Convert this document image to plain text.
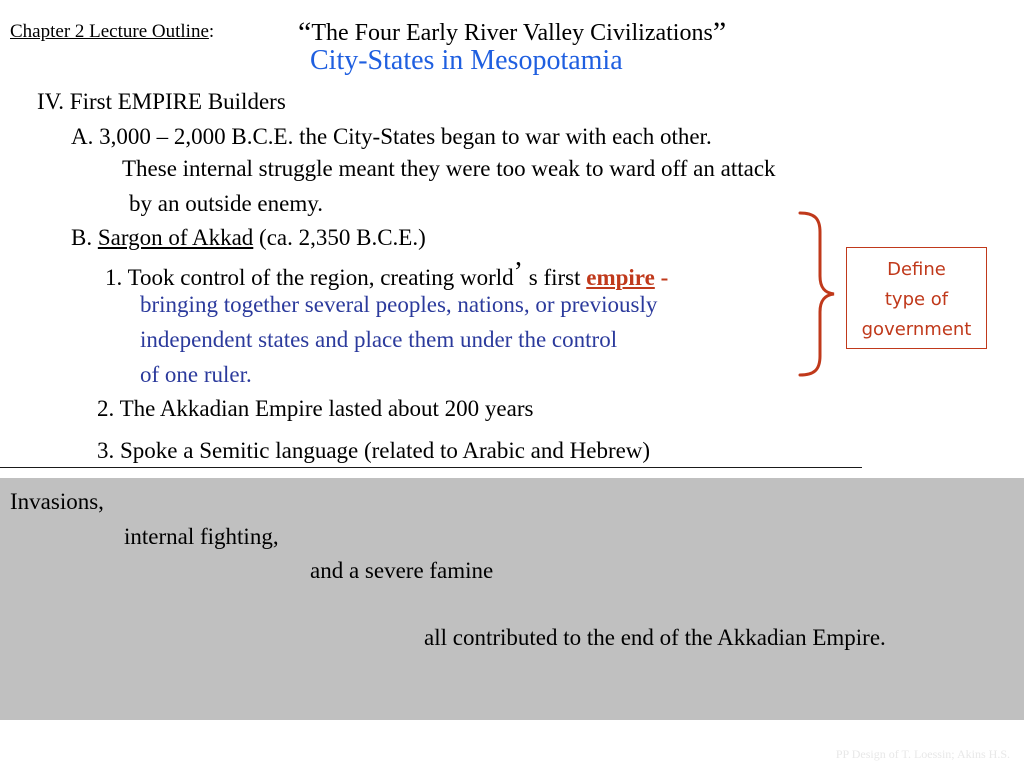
Chapter 2 Lecture Outline:	“The Four Early River Valley Civilizations”
City-States in Mesopotamia
IV. First EMPIRE Builders
A. 3,000 – 2,000 B.C.E. the City-States began to war with each other.
These internal struggle meant they were too weak to ward off an attack
by an outside enemy.
B. Sargon of Akkad (ca. 2,350 B.C.E.)
1. Took control of the region, creating world’ s first empire -
bringing together several peoples, nations, or previously
independent states and place them under the control
of one ruler.
2. The Akkadian Empire lasted about 200 years
3. Spoke a Semitic language (related to Arabic and Hebrew)
Define
type of
government
Invasions,
internal fighting,
and a severe famine
all contributed to the end of the Akkadian Empire.
PP Design of T. Loessin; Akins H.S.
